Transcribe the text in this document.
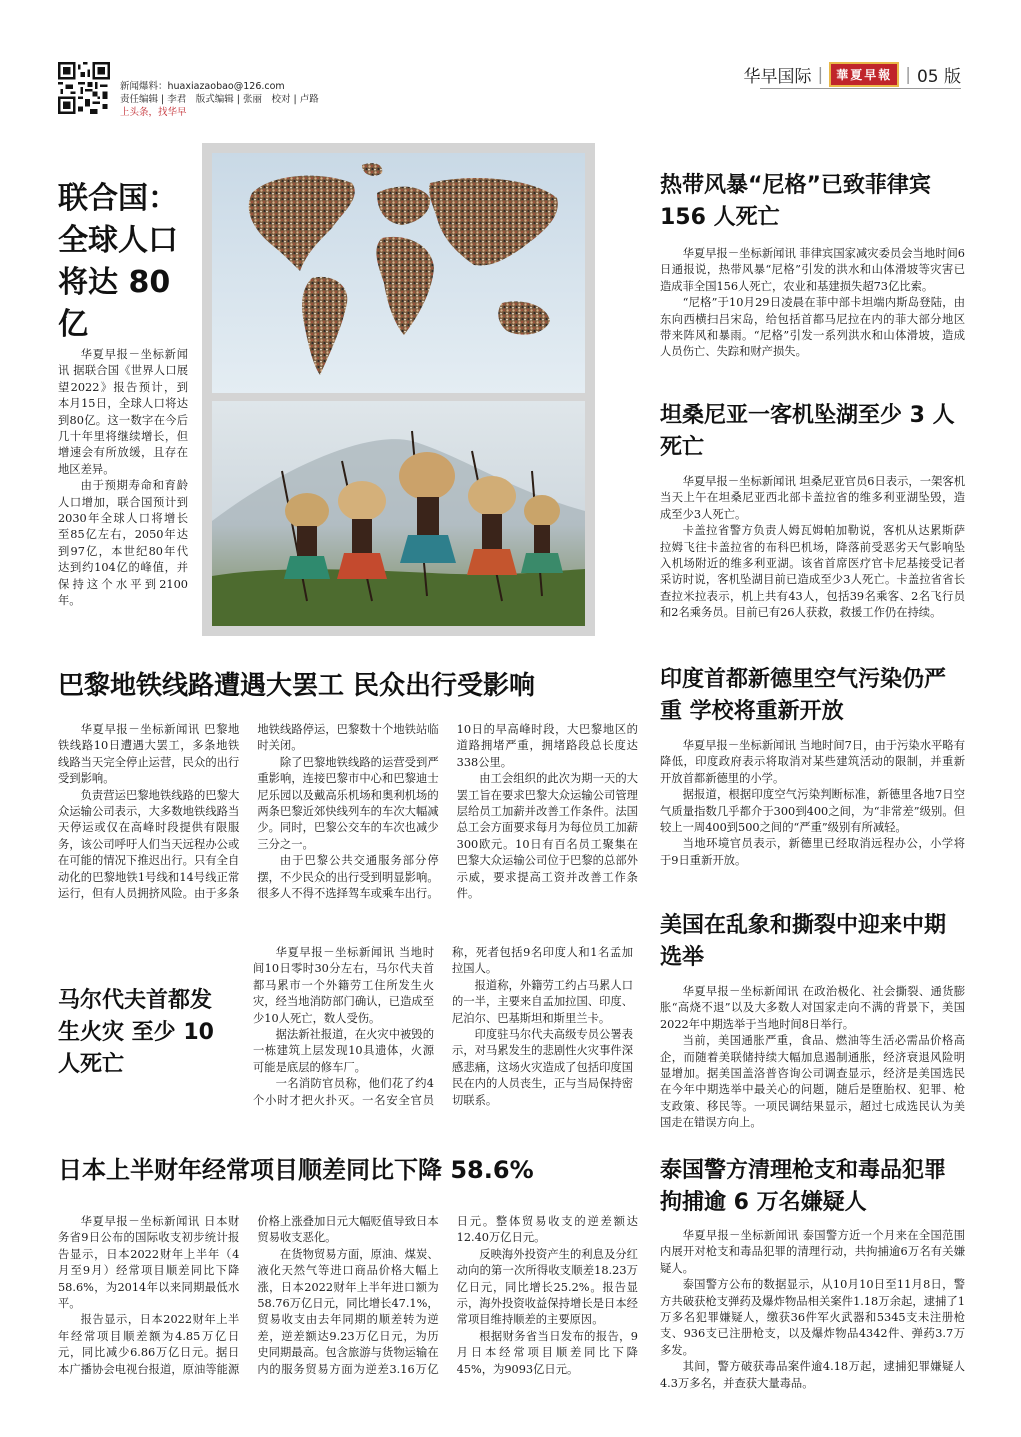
新闻爆料：huaxiazaobao@126.com
责任编辑 | 李君　版式编辑 | 张丽　校对 | 卢路
上头条，找华早
华早国际 |	華夏早報 | 05 版
联合国：全球人口将达 80 亿

华夏早报－坐标新闻讯 据联合国《世界人口展望2022》报告预计，到本月15日，全球人口将达到80亿。这一数字在今后几十年里将继续增长，但增速会有所放缓，且存在地区差异。

由于预期寿命和育龄人口增加，联合国预计到2030年全球人口将增长至85亿左右，2050年达到97亿，本世纪80年代达到约104亿的峰值，并保持这个水平到2100年。

热带风暴“尼格”已致菲律宾 156 人死亡

华夏早报－坐标新闻讯 菲律宾国家减灾委员会当地时间6日通报说，热带风暴“尼格”引发的洪水和山体滑坡等灾害已造成菲全国156人死亡，农业和基建损失超73亿比索。

“尼格”于10月29日凌晨在菲中部卡坦端内斯岛登陆，由东向西横扫吕宋岛，给包括首都马尼拉在内的菲大部分地区带来阵风和暴雨。“尼格”引发一系列洪水和山体滑坡，造成人员伤亡、失踪和财产损失。

坦桑尼亚一客机坠湖至少 3 人死亡

华夏早报－坐标新闻讯 坦桑尼亚官员6日表示，一架客机当天上午在坦桑尼亚西北部卡盖拉省的维多利亚湖坠毁，造成至少3人死亡。

卡盖拉省警方负责人姆瓦姆帕加勒说，客机从达累斯萨拉姆飞往卡盖拉省的布科巴机场，降落前受恶劣天气影响坠入机场附近的维多利亚湖。该省首席医疗官卡尼基接受记者采访时说，客机坠湖目前已造成至少3人死亡。卡盖拉省省长查拉米拉表示，机上共有43人，包括39名乘客、2名飞行员和2名乘务员。目前已有26人获救，救援工作仍在持续。

巴黎地铁线路遭遇大罢工 民众出行受影响

华夏早报－坐标新闻讯 巴黎地铁线路10日遭遇大罢工，多条地铁线路当天完全停止运营，民众的出行受到影响。

负责营运巴黎地铁线路的巴黎大众运输公司表示，大多数地铁线路当天停运或仅在高峰时段提供有限服务，该公司呼吁人们当天远程办公或在可能的情况下推迟出行。只有全自动化的巴黎地铁1号线和14号线正常运行，但有人员拥挤风险。由于多条地铁线路停运，巴黎数十个地铁站临时关闭。

除了巴黎地铁线路的运营受到严重影响，连接巴黎市中心和巴黎迪士尼乐园以及戴高乐机场和奥利机场的两条巴黎近郊快线列车的车次大幅减少。同时，巴黎公交车的车次也减少三分之一。

由于巴黎公共交通服务部分停摆，不少民众的出行受到明显影响。很多人不得不选择驾车或乘车出行。10日的早高峰时段，大巴黎地区的道路拥堵严重，拥堵路段总长度达338公里。

由工会组织的此次为期一天的大罢工旨在要求巴黎大众运输公司管理层给员工加薪并改善工作条件。法国总工会方面要求每月为每位员工加薪300欧元。10日有百名员工聚集在巴黎大众运输公司位于巴黎的总部外示威，要求提高工资并改善工作条件。

印度首都新德里空气污染仍严重 学校将重新开放

华夏早报－坐标新闻讯 当地时间7日，由于污染水平略有降低，印度政府表示将取消对某些建筑活动的限制，并重新开放首都新德里的小学。

据报道，根据印度空气污染判断标准，新德里各地7日空气质量指数几乎都介于300到400之间，为“非常差”级别。但较上一周400到500之间的“严重”级别有所减轻。

当地环境官员表示，新德里已经取消远程办公，小学将于9日重新开放。

美国在乱象和撕裂中迎来中期选举

华夏早报－坐标新闻讯 在政治极化、社会撕裂、通货膨胀“高烧不退”以及大多数人对国家走向不满的背景下，美国2022年中期选举于当地时间8日举行。

当前，美国通胀严重，食品、燃油等生活必需品价格高企，而随着美联储持续大幅加息遏制通胀，经济衰退风险明显增加。据美国盖洛普咨询公司调查显示，经济是美国选民在今年中期选举中最关心的问题，随后是堕胎权、犯罪、枪支政策、移民等。一项民调结果显示，超过七成选民认为美国走在错误方向上。

马尔代夫首都发生火灾 至少 10 人死亡

华夏早报－坐标新闻讯 当地时间10日零时30分左右，马尔代夫首都马累市一个外籍劳工住所发生火灾，经当地消防部门确认，已造成至少10人死亡，数人受伤。

据法新社报道，在火灾中被毁的一栋建筑上层发现10具遗体，火源可能是底层的修车厂。

一名消防官员称，他们花了约4个小时才把火扑灭。一名安全官员称，死者包括9名印度人和1名孟加拉国人。

报道称，外籍劳工约占马累人口的一半，主要来自孟加拉国、印度、尼泊尔、巴基斯坦和斯里兰卡。

印度驻马尔代夫高级专员公署表示，对马累发生的悲剧性火灾事件深感悲痛，这场火灾造成了包括印度国民在内的人员丧生，正与当局保持密切联系。

日本上半财年经常项目顺差同比下降 58.6%

华夏早报－坐标新闻讯 日本财务省9日公布的国际收支初步统计报告显示，日本2022财年上半年（4月至9月）经常项目顺差同比下降58.6%，为2014年以来同期最低水平。

报告显示，日本2022财年上半年经常项目顺差额为4.85万亿日元，同比减少6.86万亿日元。据日本广播协会电视台报道，原油等能源价格上涨叠加日元大幅贬值导致日本贸易收支恶化。

在货物贸易方面，原油、煤炭、液化天然气等进口商品价格大幅上涨，日本2022财年上半年进口额为58.76万亿日元，同比增长47.1%，贸易收支由去年同期的顺差转为逆差，逆差额达9.23万亿日元，为历史同期最高。包含旅游与货物运输在内的服务贸易方面为逆差3.16万亿日元。整体贸易收支的逆差额达12.40万亿日元。

反映海外投资产生的利息及分红动向的第一次所得收支顺差18.23万亿日元，同比增长25.2%。报告显示，海外投资收益保持增长是日本经常项目维持顺差的主要原因。

根据财务省当日发布的报告，9月日本经常项目顺差同比下降45%，为9093亿日元。

泰国警方清理枪支和毒品犯罪拘捕逾 6 万名嫌疑人

华夏早报－坐标新闻讯 泰国警方近一个月来在全国范围内展开对枪支和毒品犯罪的清理行动，共拘捕逾6万名有关嫌疑人。

泰国警方公布的数据显示，从10月10日至11月8日，警方共破获枪支弹药及爆炸物品相关案件1.18万余起，逮捕了1万多名犯罪嫌疑人，缴获36件军火武器和5345支未注册枪支、936支已注册枪支，以及爆炸物品4342件、弹药3.7万多发。

其间，警方破获毒品案件逾4.18万起，逮捕犯罪嫌疑人4.3万多名，并查获大量毒品。
